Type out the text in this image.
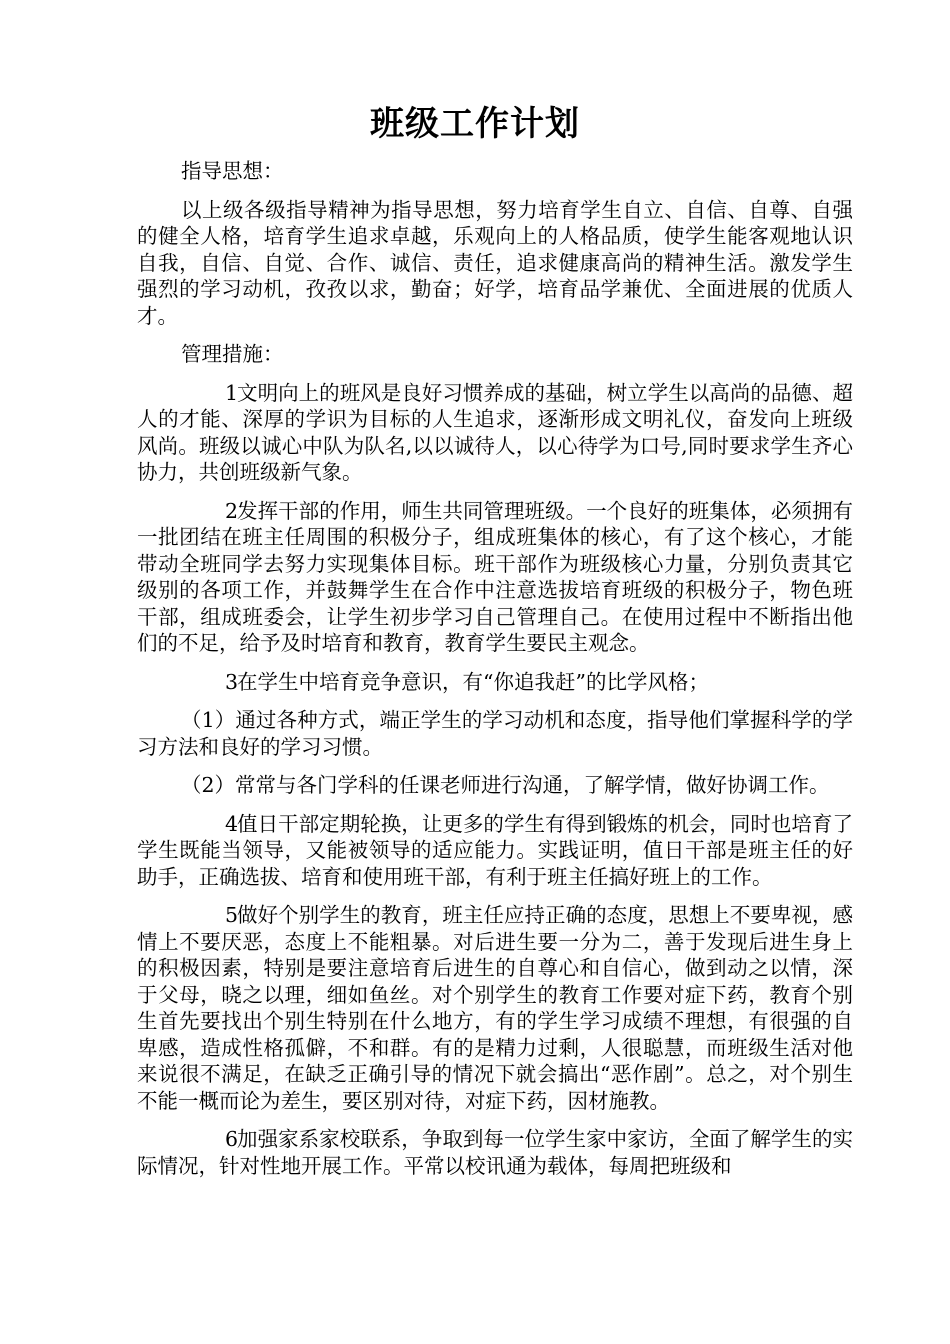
班级工作计划

指导思想：

以上级各级指导精神为指导思想，努力培育学生自立、自信、自尊、自强的健全人格，培育学生追求卓越，乐观向上的人格品质，使学生能客观地认识自我，自信、自觉、合作、诚信、责任，追求健康高尚的精神生活。激发学生强烈的学习动机，孜孜以求，勤奋；好学，培育品学兼优、全面进展的优质人才。

管理措施：

1文明向上的班风是良好习惯养成的基础，树立学生以高尚的品德、超人的才能、深厚的学识为目标的人生追求，逐渐形成文明礼仪，奋发向上班级风尚。班级以诚心中队为队名,以以诚待人，以心待学为口号,同时要求学生齐心协力，共创班级新气象。

2发挥干部的作用，师生共同管理班级。一个良好的班集体，必须拥有一批团结在班主任周围的积极分子，组成班集体的核心，有了这个核心，才能带动全班同学去努力实现集体目标。班干部作为班级核心力量，分别负责其它级别的各项工作，并鼓舞学生在合作中注意选拔培育班级的积极分子，物色班干部，组成班委会，让学生初步学习自己管理自己。在使用过程中不断指出他们的不足，给予及时培育和教育，教育学生要民主观念。

3在学生中培育竞争意识，有“你追我赶”的比学风格；

（1）通过各种方式，端正学生的学习动机和态度，指导他们掌握科学的学习方法和良好的学习习惯。

（2）常常与各门学科的任课老师进行沟通，了解学情，做好协调工作。

4值日干部定期轮换，让更多的学生有得到锻炼的机会，同时也培育了学生既能当领导，又能被领导的适应能力。实践证明，值日干部是班主任的好助手，正确选拔、培育和使用班干部，有利于班主任搞好班上的工作。

5做好个别学生的教育，班主任应持正确的态度，思想上不要卑视，感情上不要厌恶，态度上不能粗暴。对后进生要一分为二，善于发现后进生身上的积极因素，特别是要注意培育后进生的自尊心和自信心，做到动之以情，深于父母，晓之以理，细如鱼丝。对个别学生的教育工作要对症下药，教育个别生首先要找出个别生特别在什么地方，有的学生学习成绩不理想，有很强的自卑感，造成性格孤僻，不和群。有的是精力过剩，人很聪慧，而班级生活对他来说很不满足，在缺乏正确引导的情况下就会搞出“恶作剧”。总之，对个别生不能一概而论为差生，要区别对待，对症下药，因材施教。

6加强家系家校联系，争取到每一位学生家中家访，全面了解学生的实际情况，针对性地开展工作。平常以校讯通为载体，每周把班级和
